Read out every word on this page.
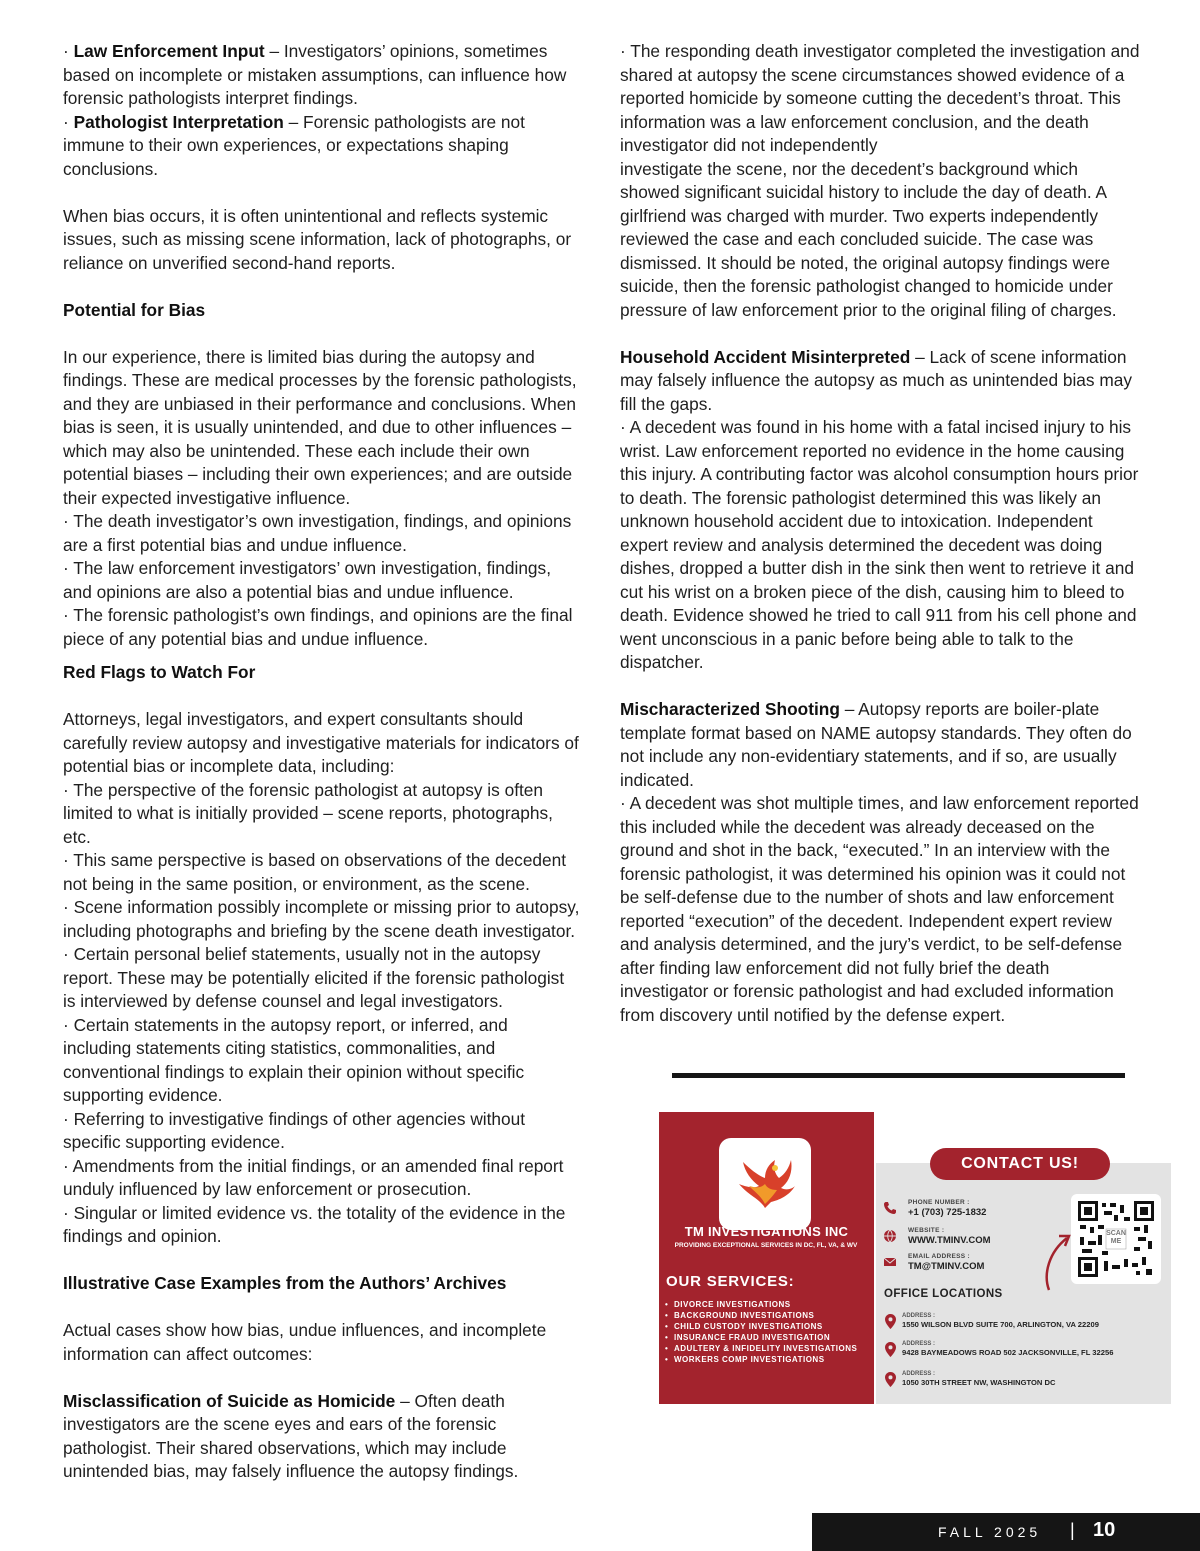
· Law Enforcement Input – Investigators’ opinions, sometimes based on incomplete or mistaken assumptions, can influence how forensic pathologists interpret findings.

· Pathologist Interpretation – Forensic pathologists are not immune to their own experiences, or expectations shaping conclusions.

When bias occurs, it is often unintentional and reflects systemic issues, such as missing scene information, lack of photographs, or reliance on unverified second-hand reports.

Potential for Bias

In our experience, there is limited bias during the autopsy and findings. These are medical processes by the forensic pathologists, and they are unbiased in their performance and conclusions. When bias is seen, it is usually unintended, and due to other influences – which may also be unintended. These each include their own potential biases – including their own experiences; and are outside their expected investigative influence.

· The death investigator’s own investigation, findings, and opinions are a first potential bias and undue influence.

· The law enforcement investigators’ own investigation, findings, and opinions are also a potential bias and undue influence.

· The forensic pathologist’s own findings, and opinions are the final piece of any potential bias and undue influence.

Red Flags to Watch For

Attorneys, legal investigators, and expert consultants should carefully review autopsy and investigative materials for indicators of potential bias or incomplete data, including:

· The perspective of the forensic pathologist at autopsy is often limited to what is initially provided – scene reports, photographs, etc.

· This same perspective is based on observations of the decedent not being in the same position, or environment, as the scene.

· Scene information possibly incomplete or missing prior to autopsy, including photographs and briefing by the scene death investigator.

· Certain personal belief statements, usually not in the autopsy report. These may be potentially elicited if the forensic pathologist is interviewed by defense counsel and legal investigators.

· Certain statements in the autopsy report, or inferred, and including statements citing statistics, commonalities, and conventional findings to explain their opinion without specific supporting evidence.

· Referring to investigative findings of other agencies without specific supporting evidence.

· Amendments from the initial findings, or an amended final report unduly influenced by law enforcement or prosecution.

· Singular or limited evidence vs. the totality of the evidence in the findings and opinion.

Illustrative Case Examples from the Authors’ Archives

Actual cases show how bias, undue influences, and incomplete information can affect outcomes:

Misclassification of Suicide as Homicide – Often death investigators are the scene eyes and ears of the forensic pathologist. Their shared observations, which may include unintended bias, may falsely influence the autopsy findings.

· The responding death investigator completed the investigation and shared at autopsy the scene circumstances showed evidence of a reported homicide by someone cutting the decedent’s throat. This information was a law enforcement conclusion, and the death investigator did not independently

investigate the scene, nor the decedent’s background which showed significant suicidal history to include the day of death. A girlfriend was charged with murder. Two experts independently reviewed the case and each concluded suicide. The case was dismissed. It should be noted, the original autopsy findings were suicide, then the forensic pathologist changed to homicide under pressure of law enforcement prior to the original filing of charges.

Household Accident Misinterpreted – Lack of scene information may falsely influence the autopsy as much as unintended bias may fill the gaps.

· A decedent was found in his home with a fatal incised injury to his wrist. Law enforcement reported no evidence in the home causing this injury. A contributing factor was alcohol consumption hours prior to death. The forensic pathologist determined this was likely an unknown household accident due to intoxication. Independent expert review and analysis determined the decedent was doing dishes, dropped a butter dish in the sink then went to retrieve it and cut his wrist on a broken piece of the dish, causing him to bleed to death. Evidence showed he tried to call 911 from his cell phone and went unconscious in a panic before being able to talk to the dispatcher.

Mischaracterized Shooting – Autopsy reports are boiler-plate template format based on NAME autopsy standards. They often do not include any non-evidentiary statements, and if so, are usually indicated.

· A decedent was shot multiple times, and law enforcement reported this included while the decedent was already deceased on the ground and shot in the back, “executed.” In an interview with the forensic pathologist, it was determined his opinion was it could not be self-defense due to the number of shots and law enforcement reported “execution” of the decedent. Independent expert review and analysis determined, and the jury’s verdict, to be self-defense after finding law enforcement did not fully brief the death investigator or forensic pathologist and had excluded information from discovery until notified by the defense expert.

TM INVESTIGATIONS INC
PROVIDING EXCEPTIONAL SERVICES IN DC, FL, VA, & WV
OUR SERVICES:
• DIVORCE INVESTIGATIONS
• BACKGROUND INVESTIGATIONS
• CHILD CUSTODY INVESTIGATIONS
• INSURANCE FRAUD INVESTIGATION
• ADULTERY & INFIDELITY INVESTIGATIONS
• WORKERS COMP INVESTIGATIONS
CONTACT US!
PHONE NUMBER :
+1 (703) 725-1832
WEBSITE :
WWW.TMINV.COM
EMAIL ADDRESS :
TM@TMINV.COM
SCAN ME
OFFICE LOCATIONS
ADDRESS :
1550 WILSON BLVD SUITE 700, ARLINGTON, VA 22209
ADDRESS :
9428 BAYMEADOWS ROAD 502 JACKSONVILLE, FL 32256
ADDRESS :
1050 30TH STREET NW, WASHINGTON DC
FALL 2025 | 10
